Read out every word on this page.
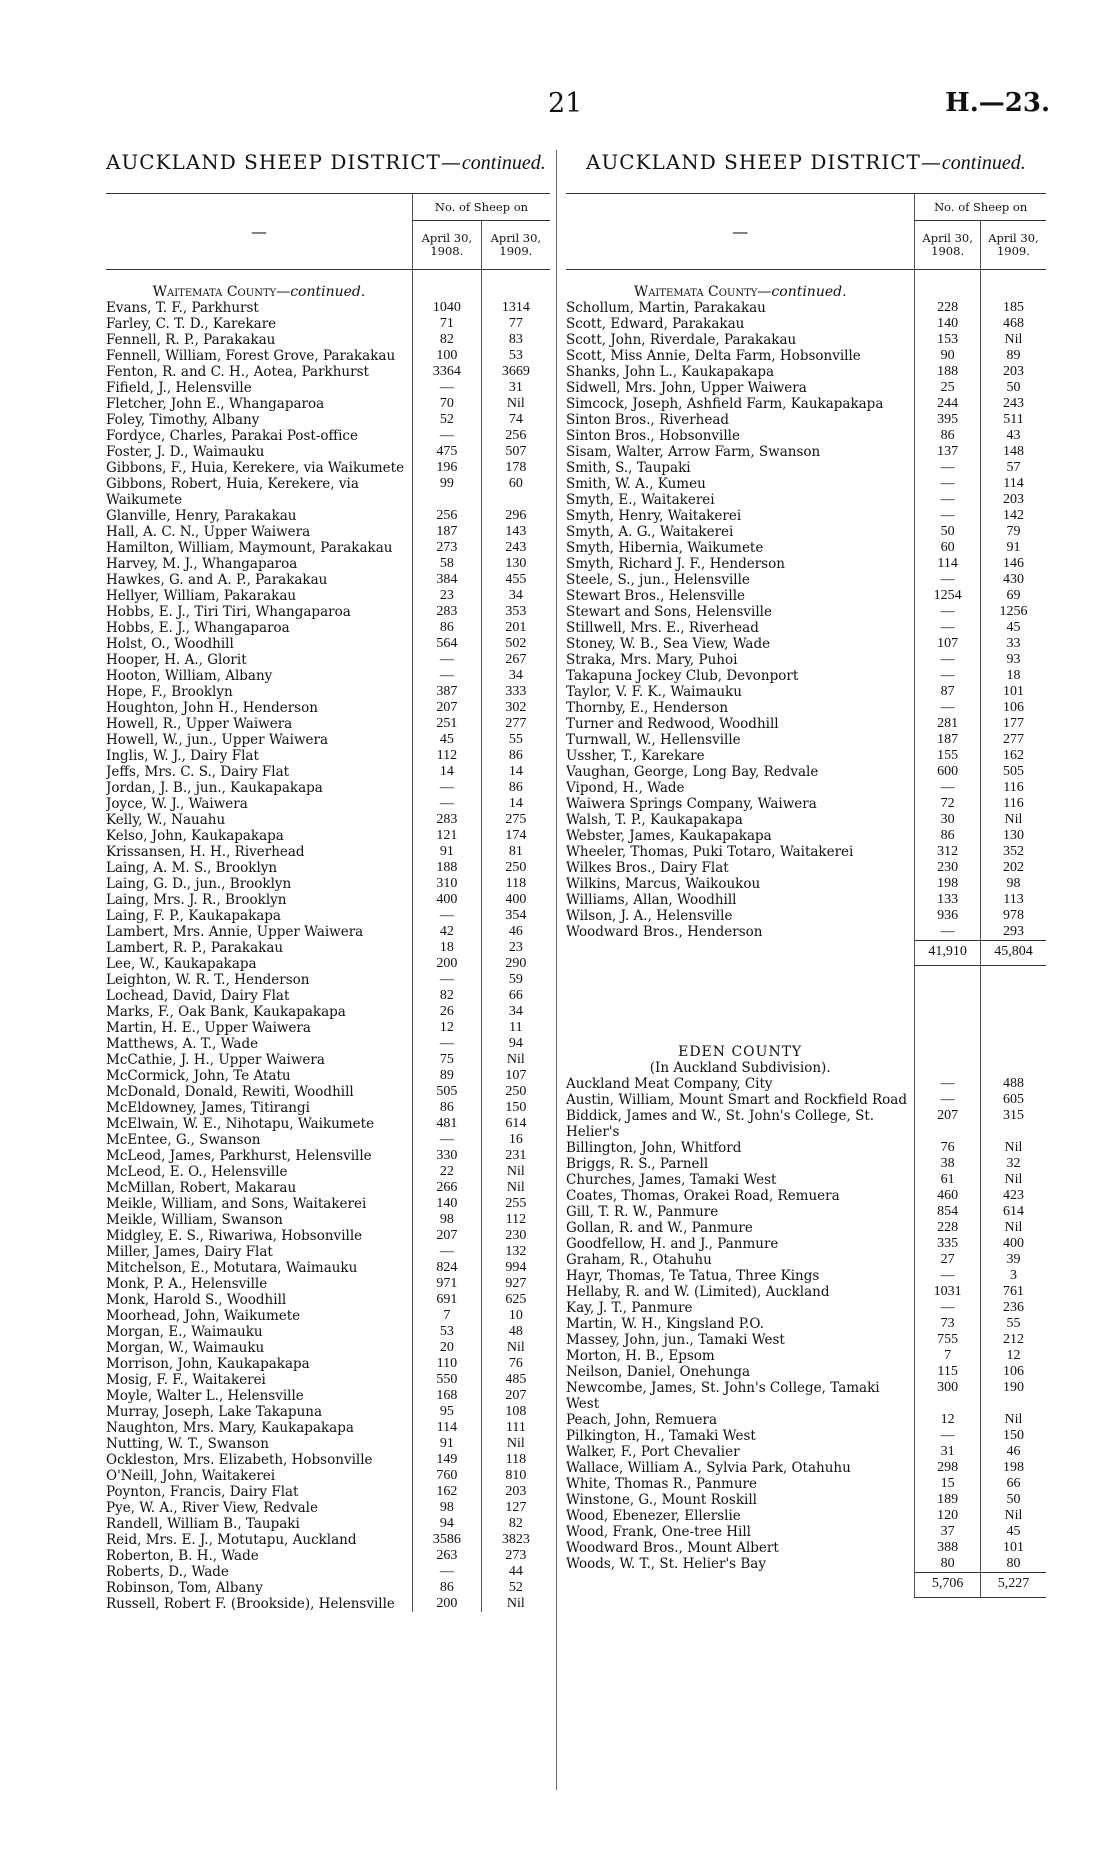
21	H.—23.
AUCKLAND SHEEP DISTRICT—continued. AUCKLAND SHEEP DISTRICT—continued.
—	No. of Sheep on	
	April 30, 1908.	April 30, 1909.
Waitemata County—continued.		
Evans, T. F., Parkhurst	1040	1314
Farley, C. T. D., Karekare	71	77
Fennell, R. P., Parakakau	82	83
Fennell, William, Forest Grove, Parakakau	100	53
Fenton, R. and C. H., Aotea, Parkhurst	3364	3669
Fifield, J., Helensville	—	31
Fletcher, John E., Whangaparoa	70	Nil
Foley, Timothy, Albany	52	74
Fordyce, Charles, Parakai Post-office	—	256
Foster, J. D., Waimauku	475	507
Gibbons, F., Huia, Kerekere, via Waikumete	196	178
Gibbons, Robert, Huia, Kerekere, via Waikumete	99	60
Glanville, Henry, Parakakau	256	296
Hall, A. C. N., Upper Waiwera	187	143
Hamilton, William, Maymount, Parakakau	273	243
Harvey, M. J., Whangaparoa	58	130
Hawkes, G. and A. P., Parakakau	384	455
Hellyer, William, Pakarakau	23	34
Hobbs, E. J., Tiri Tiri, Whangaparoa	283	353
Hobbs, E. J., Whangaparoa	86	201
Holst, O., Woodhill	564	502
Hooper, H. A., Glorit	—	267
Hooton, William, Albany	—	34
Hope, F., Brooklyn	387	333
Houghton, John H., Henderson	207	302
Howell, R., Upper Waiwera	251	277
Howell, W., jun., Upper Waiwera	45	55
Inglis, W. J., Dairy Flat	112	86
Jeffs, Mrs. C. S., Dairy Flat	14	14
Jordan, J. B., jun., Kaukapakapa	—	86
Joyce, W. J., Waiwera	—	14
Kelly, W., Nauahu	283	275
Kelso, John, Kaukapakapa	121	174
Krissansen, H. H., Riverhead	91	81
Laing, A. M. S., Brooklyn	188	250
Laing, G. D., jun., Brooklyn	310	118
Laing, Mrs. J. R., Brooklyn	400	400
Laing, F. P., Kaukapakapa	—	354
Lambert, Mrs. Annie, Upper Waiwera	42	46
Lambert, R. P., Parakakau	18	23
Lee, W., Kaukapakapa	200	290
Leighton, W. R. T., Henderson	—	59
Lochead, David, Dairy Flat	82	66
Marks, F., Oak Bank, Kaukapakapa	26	34
Martin, H. E., Upper Waiwera	12	11
Matthews, A. T., Wade	—	94
McCathie, J. H., Upper Waiwera	75	Nil
McCormick, John, Te Atatu	89	107
McDonald, Donald, Rewiti, Woodhill	505	250
McEldowney, James, Titirangi	86	150
McElwain, W. E., Nihotapu, Waikumete	481	614
McEntee, G., Swanson	—	16
McLeod, James, Parkhurst, Helensville	330	231
McLeod, E. O., Helensville	22	Nil
McMillan, Robert, Makarau	266	Nil
Meikle, William, and Sons, Waitakerei	140	255
Meikle, William, Swanson	98	112
Midgley, E. S., Riwariwa, Hobsonville	207	230
Miller, James, Dairy Flat	—	132
Mitchelson, E., Motutara, Waimauku	824	994
Monk, P. A., Helensville	971	927
Monk, Harold S., Woodhill	691	625
Moorhead, John, Waikumete	7	10
Morgan, E., Waimauku	53	48
Morgan, W., Waimauku	20	Nil
Morrison, John, Kaukapakapa	110	76
Mosig, F. F., Waitakerei	550	485
Moyle, Walter L., Helensville	168	207
Murray, Joseph, Lake Takapuna	95	108
Naughton, Mrs. Mary, Kaukapakapa	114	111
Nutting, W. T., Swanson	91	Nil
Ockleston, Mrs. Elizabeth, Hobsonville	149	118
O'Neill, John, Waitakerei	760	810
Poynton, Francis, Dairy Flat	162	203
Pye, W. A., River View, Redvale	98	127
Randell, William B., Taupaki	94	82
Reid, Mrs. E. J., Motutapu, Auckland	3586	3823
Roberton, B. H., Wade	263	273
Roberts, D., Wade	—	44
Robinson, Tom, Albany	86	52
Russell, Robert F. (Brookside), Helensville	200	Nil
—	No. of Sheep on	
	April 30, 1908.	April 30, 1909.
Waitemata County—continued.		
Schollum, Martin, Parakakau	228	185
Scott, Edward, Parakakau	140	468
Scott, John, Riverdale, Parakakau	153	Nil
Scott, Miss Annie, Delta Farm, Hobsonville	90	89
Shanks, John L., Kaukapakapa	188	203
Sidwell, Mrs. John, Upper Waiwera	25	50
Simcock, Joseph, Ashfield Farm, Kaukapakapa	244	243
Sinton Bros., Riverhead	395	511
Sinton Bros., Hobsonville	86	43
Sisam, Walter, Arrow Farm, Swanson	137	148
Smith, S., Taupaki	—	57
Smith, W. A., Kumeu	—	114
Smyth, E., Waitakerei	—	203
Smyth, Henry, Waitakerei	—	142
Smyth, A. G., Waitakerei	50	79
Smyth, Hibernia, Waikumete	60	91
Smyth, Richard J. F., Henderson	114	146
Steele, S., jun., Helensville	—	430
Stewart Bros., Helensville	1254	69
Stewart and Sons, Helensville	—	1256
Stillwell, Mrs. E., Riverhead	—	45
Stoney, W. B., Sea View, Wade	107	33
Straka, Mrs. Mary, Puhoi	—	93
Takapuna Jockey Club, Devonport	—	18
Taylor, V. F. K., Waimauku	87	101
Thornby, E., Henderson	—	106
Turner and Redwood, Woodhill	281	177
Turnwall, W., Hellensville	187	277
Ussher, T., Karekare	155	162
Vaughan, George, Long Bay, Redvale	600	505
Vipond, H., Wade	—	116
Waiwera Springs Company, Waiwera	72	116
Walsh, T. P., Kaukapakapa	30	Nil
Webster, James, Kaukapakapa	86	130
Wheeler, Thomas, Puki Totaro, Waitakerei	312	352
Wilkes Bros., Dairy Flat	230	202
Wilkins, Marcus, Waikoukou	198	98
Williams, Allan, Woodhill	133	113
Wilson, J. A., Helensville	936	978
Woodward Bros., Henderson	—	293
	41,910	45,804

EDEN COUNTY		
(In Auckland Subdivision).		
Auckland Meat Company, City	—	488
Austin, William, Mount Smart and Rockfield Road	—	605
Biddick, James and W., St. John's College, St. Helier's	207	315
Billington, John, Whitford	76	Nil
Briggs, R. S., Parnell	38	32
Churches, James, Tamaki West	61	Nil
Coates, Thomas, Orakei Road, Remuera	460	423
Gill, T. R. W., Panmure	854	614
Gollan, R. and W., Panmure	228	Nil
Goodfellow, H. and J., Panmure	335	400
Graham, R., Otahuhu	27	39
Hayr, Thomas, Te Tatua, Three Kings	—	3
Hellaby, R. and W. (Limited), Auckland	1031	761
Kay, J. T., Panmure	—	236
Martin, W. H., Kingsland P.O.	73	55
Massey, John, jun., Tamaki West	755	212
Morton, H. B., Epsom	7	12
Neilson, Daniel, Onehunga	115	106
Newcombe, James, St. John's College, Tamaki West	300	190
Peach, John, Remuera	12	Nil
Pilkington, H., Tamaki West	—	150
Walker, F., Port Chevalier	31	46
Wallace, William A., Sylvia Park, Otahuhu	298	198
White, Thomas R., Panmure	15	66
Winstone, G., Mount Roskill	189	50
Wood, Ebenezer, Ellerslie	120	Nil
Wood, Frank, One-tree Hill	37	45
Woodward Bros., Mount Albert	388	101
Woods, W. T., St. Helier's Bay	80	80
	5,706	5,227
